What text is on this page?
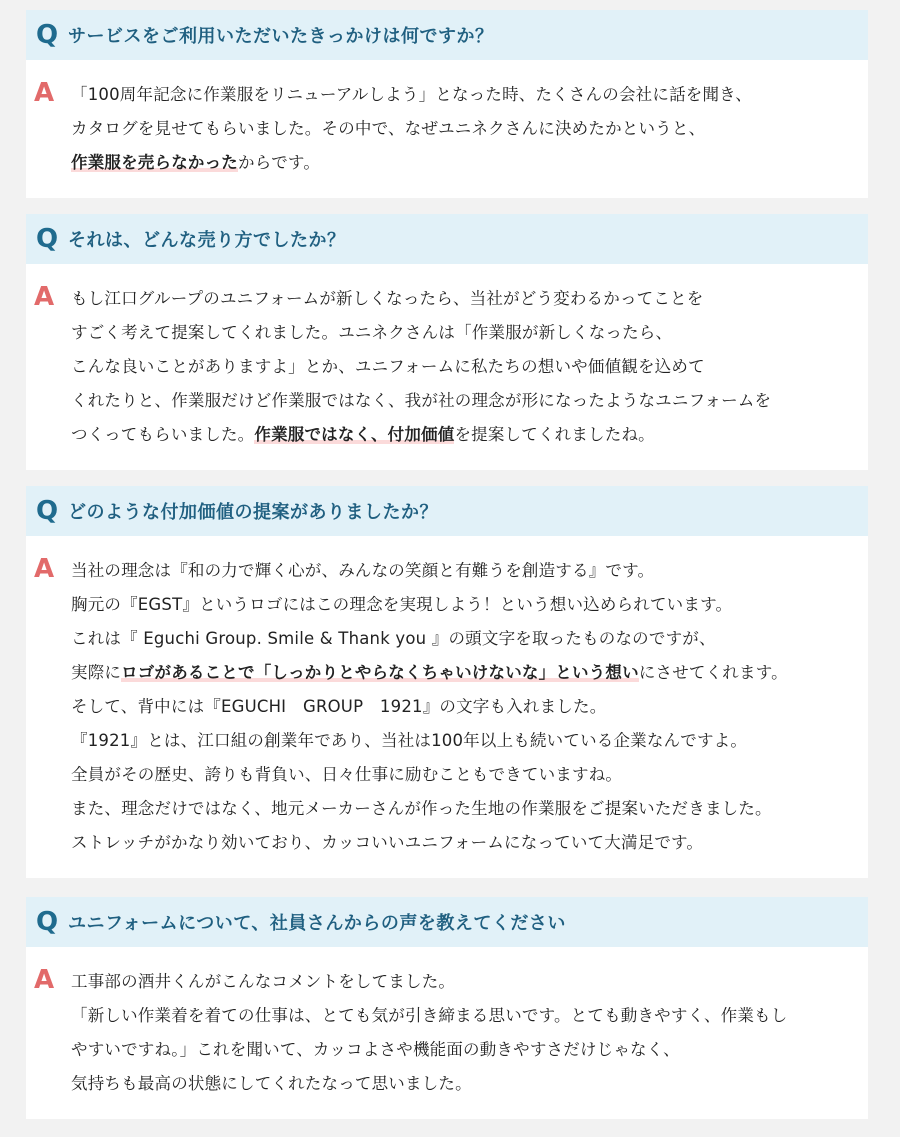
Q サービスをご利用いただいたきっかけは何ですか？
A 「100周年記念に作業服をリニューアルしよう」となった時、たくさんの会社に話を聞き、
カタログを見せてもらいました。その中で、なぜユニネクさんに決めたかというと、
作業服を売らなかったからです。
Q それは、どんな売り方でしたか？
A もし江口グループのユニフォームが新しくなったら、当社がどう変わるかってことを
すごく考えて提案してくれました。ユニネクさんは「作業服が新しくなったら、
こんな良いことがありますよ」とか、ユニフォームに私たちの想いや価値観を込めて
くれたりと、作業服だけど作業服ではなく、我が社の理念が形になったようなユニフォームを
つくってもらいました。作業服ではなく、付加価値を提案してくれましたね。
Q どのような付加価値の提案がありましたか？
A 当社の理念は『和の力で輝く心が、みんなの笑顔と有難うを創造する』です。
胸元の『EGST』というロゴにはこの理念を実現しよう！という想い込められています。
これは『 Eguchi Group. Smile & Thank you 』の頭文字を取ったものなのですが、
実際にロゴがあることで「しっかりとやらなくちゃいけないな」という想いにさせてくれます。
そして、背中には『EGUCHI　GROUP　1921』の文字も入れました。
『1921』とは、江口組の創業年であり、当社は100年以上も続いている企業なんですよ。
全員がその歴史、誇りも背負い、日々仕事に励むこともできていますね。
また、理念だけではなく、地元メーカーさんが作った生地の作業服をご提案いただきました。
ストレッチがかなり効いており、カッコいいユニフォームになっていて大満足です。
Q ユニフォームについて、社員さんからの声を教えてください
A 工事部の酒井くんがこんなコメントをしてました。
「新しい作業着を着ての仕事は、とても気が引き締まる思いです。とても動きやすく、作業もし
やすいですね。」これを聞いて、カッコよさや機能面の動きやすさだけじゃなく、
気持ちも最高の状態にしてくれたなって思いました。
